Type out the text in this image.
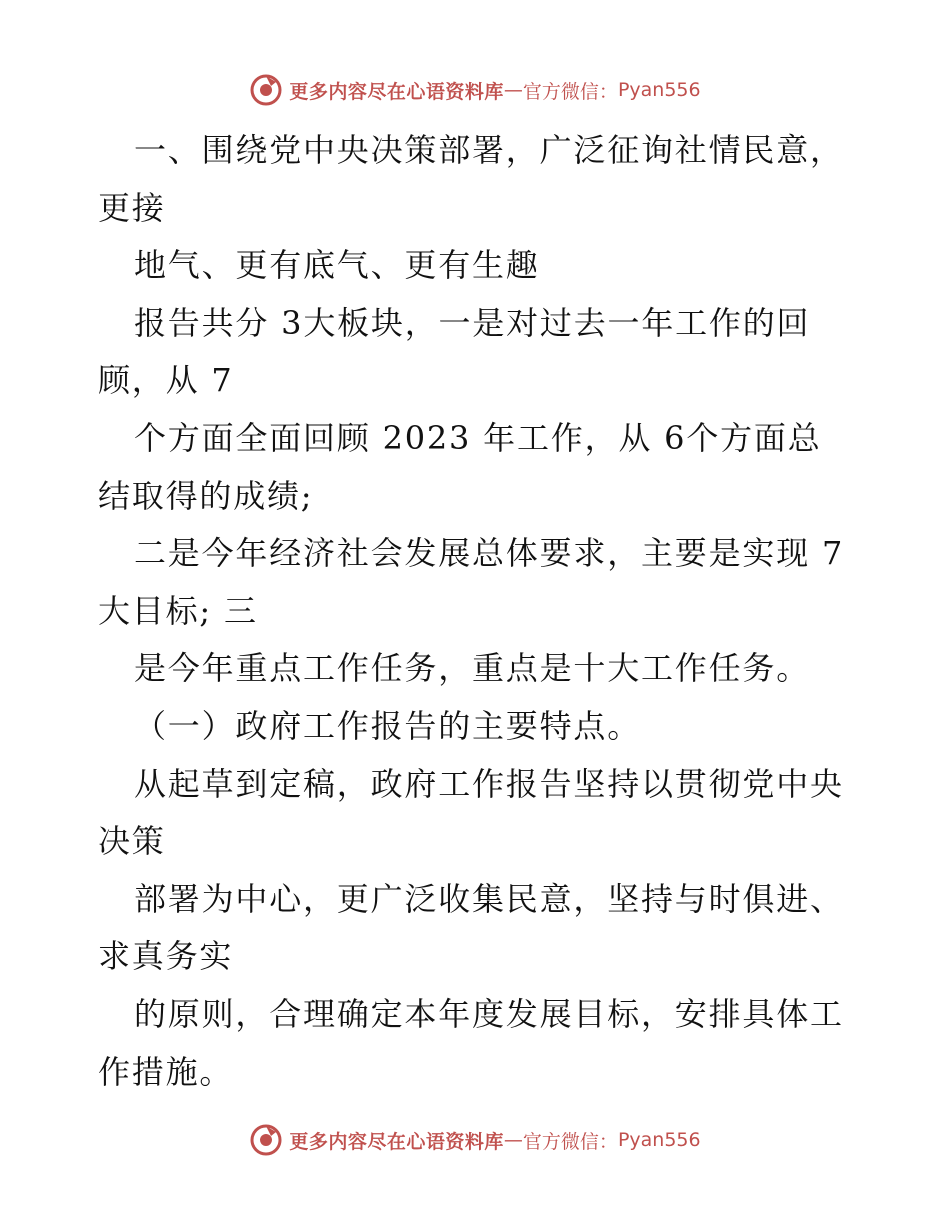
更多内容尽在心语资料库 — 官方微信： Pyan556
一、围绕党中央决策部署，广泛征询社情民意，
更接
地气、更有底气、更有生趣
报告共分 3大板块，一是对过去一年工作的回
顾，从 7
个方面全面回顾 2023 年工作，从 6个方面总
结取得的成绩;
二是今年经济社会发展总体要求，主要是实现 7
大目标; 三
是今年重点工作任务，重点是十大工作任务。
（一）政府工作报告的主要特点。
从起草到定稿，政府工作报告坚持以贯彻党中央
决策
部署为中心，更广泛收集民意，坚持与时俱进、
求真务实
的原则，合理确定本年度发展目标，安排具体工
作措施。
更多内容尽在心语资料库 — 官方微信： Pyan556
